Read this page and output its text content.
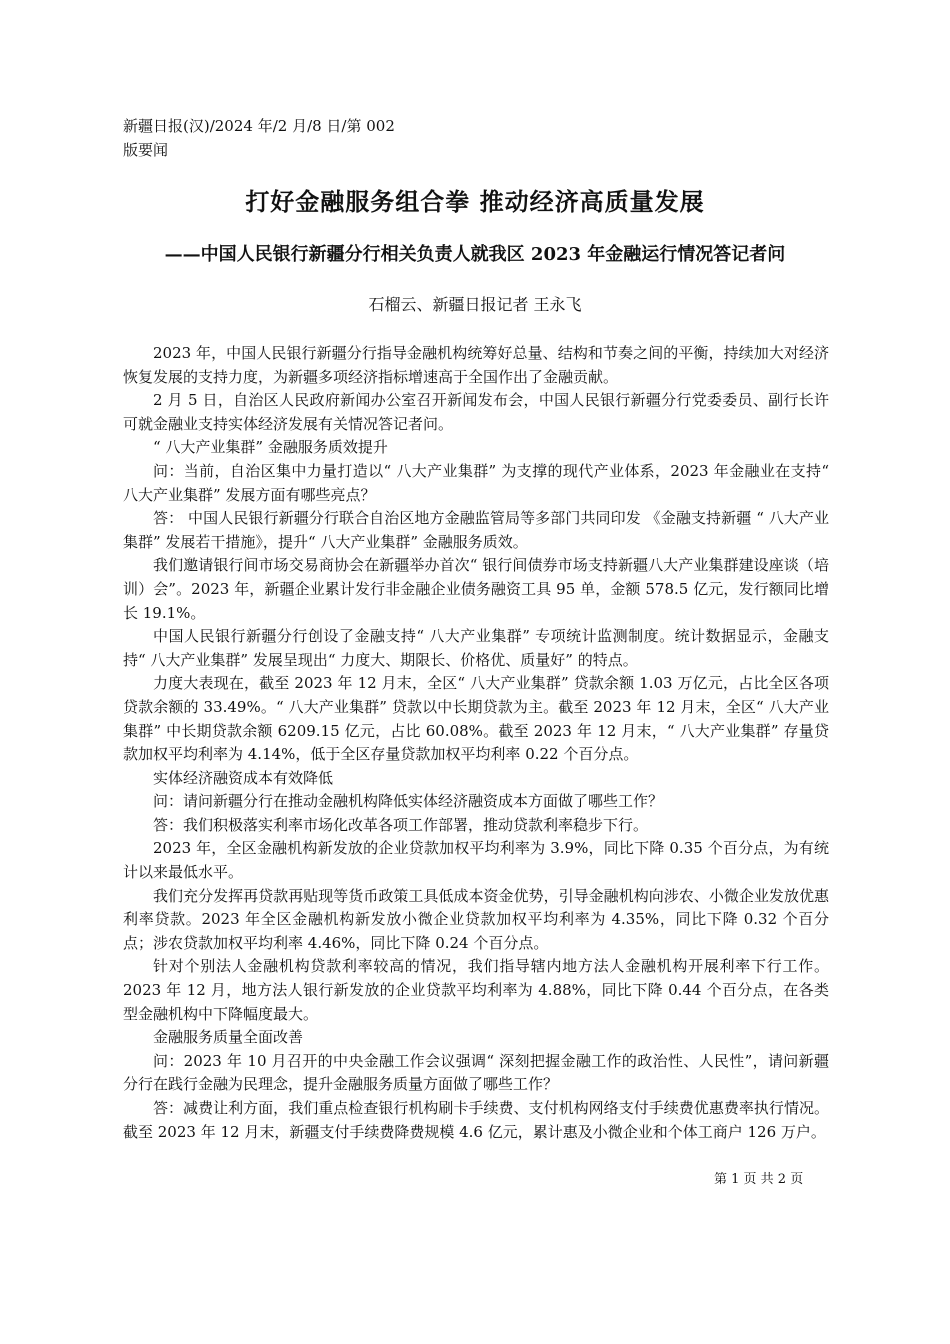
新疆日报(汉)/2024 年/2 月/8 日/第 002
版要闻
打好金融服务组合拳 推动经济高质量发展
——中国人民银行新疆分行相关负责人就我区 2023 年金融运行情况答记者问
石榴云、新疆日报记者 王永飞

2023 年，中国人民银行新疆分行指导金融机构统筹好总量、结构和节奏之间的平衡，持续加大对经济恢复发展的支持力度，为新疆多项经济指标增速高于全国作出了金融贡献。

2 月 5 日，自治区人民政府新闻办公室召开新闻发布会，中国人民银行新疆分行党委委员、副行长许可就金融业支持实体经济发展有关情况答记者问。

“ 八大产业集群” 金融服务质效提升

问：当前，自治区集中力量打造以“ 八大产业集群” 为支撑的现代产业体系，2023 年金融业在支持“ 八大产业集群” 发展方面有哪些亮点？

答： 中国人民银行新疆分行联合自治区地方金融监管局等多部门共同印发 《金融支持新疆 “ 八大产业集群” 发展若干措施》，提升“ 八大产业集群” 金融服务质效。

我们邀请银行间市场交易商协会在新疆举办首次“ 银行间债券市场支持新疆八大产业集群建设座谈（培训）会”。2023 年，新疆企业累计发行非金融企业债务融资工具 95 单，金额 578.5 亿元，发行额同比增长 19.1%。

中国人民银行新疆分行创设了金融支持“ 八大产业集群” 专项统计监测制度。统计数据显示，金融支持“ 八大产业集群” 发展呈现出“ 力度大、期限长、价格优、质量好” 的特点。

力度大表现在，截至 2023 年 12 月末，全区“ 八大产业集群” 贷款余额 1.03 万亿元，占比全区各项贷款余额的 33.49%。“ 八大产业集群” 贷款以中长期贷款为主。截至 2023 年 12 月末，全区“ 八大产业集群” 中长期贷款余额 6209.15 亿元，占比 60.08%。截至 2023 年 12 月末，“ 八大产业集群” 存量贷款加权平均利率为 4.14%，低于全区存量贷款加权平均利率 0.22 个百分点。

实体经济融资成本有效降低

问：请问新疆分行在推动金融机构降低实体经济融资成本方面做了哪些工作？

答：我们积极落实利率市场化改革各项工作部署，推动贷款利率稳步下行。

2023 年，全区金融机构新发放的企业贷款加权平均利率为 3.9%，同比下降 0.35 个百分点，为有统计以来最低水平。

我们充分发挥再贷款再贴现等货币政策工具低成本资金优势，引导金融机构向涉农、小微企业发放优惠利率贷款。2023 年全区金融机构新发放小微企业贷款加权平均利率为 4.35%，同比下降 0.32 个百分点；涉农贷款加权平均利率 4.46%，同比下降 0.24 个百分点。

针对个别法人金融机构贷款利率较高的情况，我们指导辖内地方法人金融机构开展利率下行工作。2023 年 12 月，地方法人银行新发放的企业贷款平均利率为 4.88%，同比下降 0.44 个百分点，在各类型金融机构中下降幅度最大。

金融服务质量全面改善

问：2023 年 10 月召开的中央金融工作会议强调“ 深刻把握金融工作的政治性、人民性”，请问新疆分行在践行金融为民理念，提升金融服务质量方面做了哪些工作？

答：减费让利方面，我们重点检查银行机构刷卡手续费、支付机构网络支付手续费优惠费率执行情况。截至 2023 年 12 月末，新疆支付手续费降费规模 4.6 亿元，累计惠及小微企业和个体工商户 126 万户。

第 1 页 共 2 页
